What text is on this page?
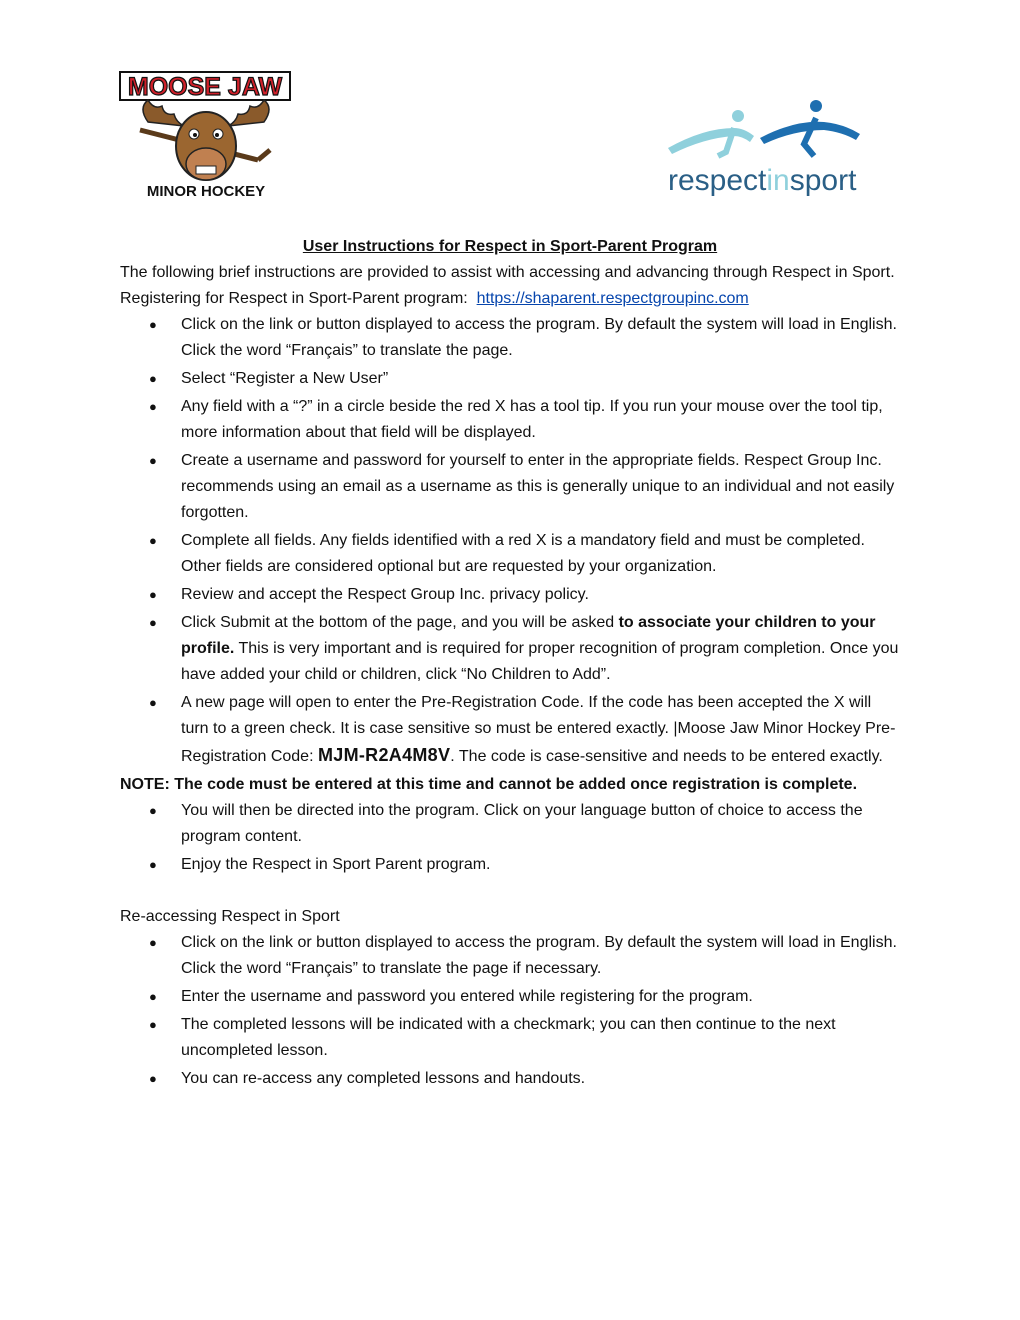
MOOSE JAW
MINOR HOCKEY	respectinsport

User Instructions for Respect in Sport-Parent Program

The following brief instructions are provided to assist with accessing and advancing through Respect in Sport.

Registering for Respect in Sport-Parent program: https://shaparent.respectgroupinc.com

● Click on the link or button displayed to access the program. By default the system will load in English. Click the word “Français” to translate the page.
● Select “Register a New User”
● Any field with a “?” in a circle beside the red X has a tool tip. If you run your mouse over the tool tip, more information about that field will be displayed.
● Create a username and password for yourself to enter in the appropriate fields. Respect Group Inc. recommends using an email as a username as this is generally unique to an individual and not easily forgotten.
● Complete all fields. Any fields identified with a red X is a mandatory field and must be completed. Other fields are considered optional but are requested by your organization.
● Review and accept the Respect Group Inc. privacy policy.
● Click Submit at the bottom of the page, and you will be asked to associate your children to your profile. This is very important and is required for proper recognition of program completion. Once you have added your child or children, click “No Children to Add”.
● A new page will open to enter the Pre-Registration Code. If the code has been accepted the X will turn to a green check. It is case sensitive so must be entered exactly. |Moose Jaw Minor Hockey Pre-Registration Code: MJM-R2A4M8V. The code is case-sensitive and needs to be entered exactly.

NOTE: The code must be entered at this time and cannot be added once registration is complete.

● You will then be directed into the program. Click on your language button of choice to access the program content.
● Enjoy the Respect in Sport Parent program.

Re-accessing Respect in Sport

● Click on the link or button displayed to access the program. By default the system will load in English. Click the word “Français” to translate the page if necessary.
● Enter the username and password you entered while registering for the program.
● The completed lessons will be indicated with a checkmark; you can then continue to the next uncompleted lesson.
● You can re-access any completed lessons and handouts.
